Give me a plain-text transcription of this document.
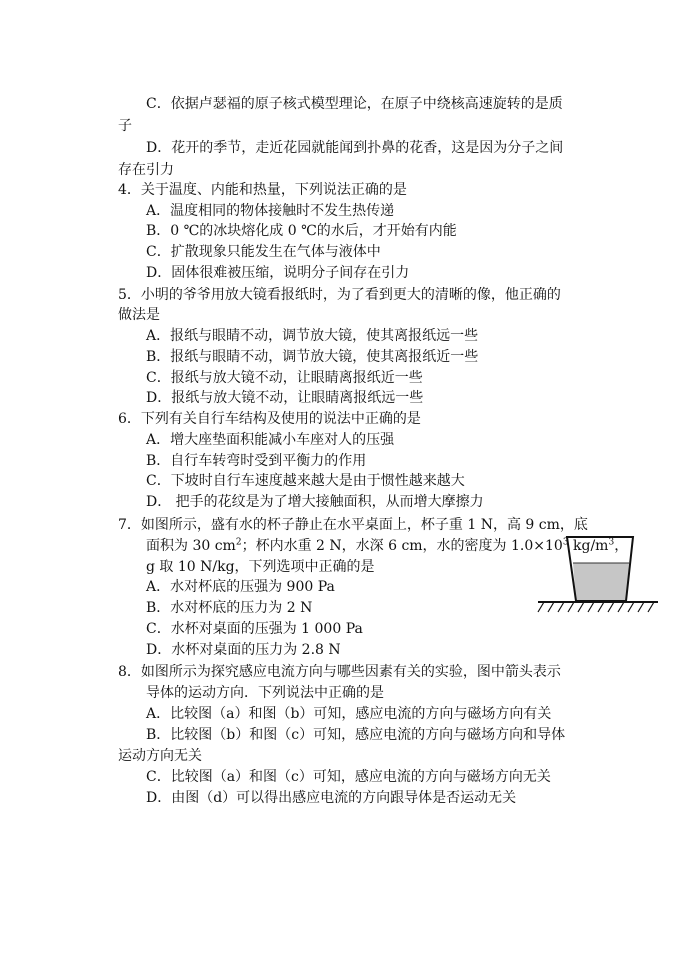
C．依据卢瑟福的原子核式模型理论，在原子中绕核高速旋转的是质
子
D．花开的季节，走近花园就能闻到扑鼻的花香，这是因为分子之间
存在引力
4．关于温度、内能和热量，下列说法正确的是
A．温度相同的物体接触时不发生热传递
B．0 ℃的冰块熔化成 0 ℃的水后，才开始有内能
C．扩散现象只能发生在气体与液体中
D．固体很难被压缩，说明分子间存在引力
5．小明的爷爷用放大镜看报纸时，为了看到更大的清晰的像，他正确的
做法是
A．报纸与眼睛不动，调节放大镜，使其离报纸远一些
B．报纸与眼睛不动，调节放大镜，使其离报纸近一些
C．报纸与放大镜不动，让眼睛离报纸近一些
D．报纸与放大镜不动，让眼睛离报纸远一些
6．下列有关自行车结构及使用的说法中正确的是
A．增大座垫面积能减小车座对人的压强
B．自行车转弯时受到平衡力的作用
C．下坡时自行车速度越来越大是由于惯性越来越大
D． 把手的花纹是为了增大接触面积，从而增大摩擦力
7．如图所示，盛有水的杯子静止在水平桌面上，杯子重 1 N，高 9 cm，底
面积为 30 $cm^2$；杯内水重 2 N，水深 6 cm，水的密度为 $1.0\times 10^3$ $kg/m^3$，
g 取 10 N/kg，下列选项中正确的是
A．水对杯底的压强为 900 Pa
B．水对杯底的压力为 2 N
C．水杯对桌面的压强为 1 000 Pa
D．水杯对桌面的压力为 2.8 N
8．如图所示为探究感应电流方向与哪些因素有关的实验，图中箭头表示
导体的运动方向．下列说法中正确的是
A．比较图（a）和图（b）可知，感应电流的方向与磁场方向有关
B．比较图（b）和图（c）可知，感应电流的方向与磁场方向和导体
运动方向无关
C．比较图（a）和图（c）可知，感应电流的方向与磁场方向无关
D．由图（d）可以得出感应电流的方向跟导体是否运动无关
